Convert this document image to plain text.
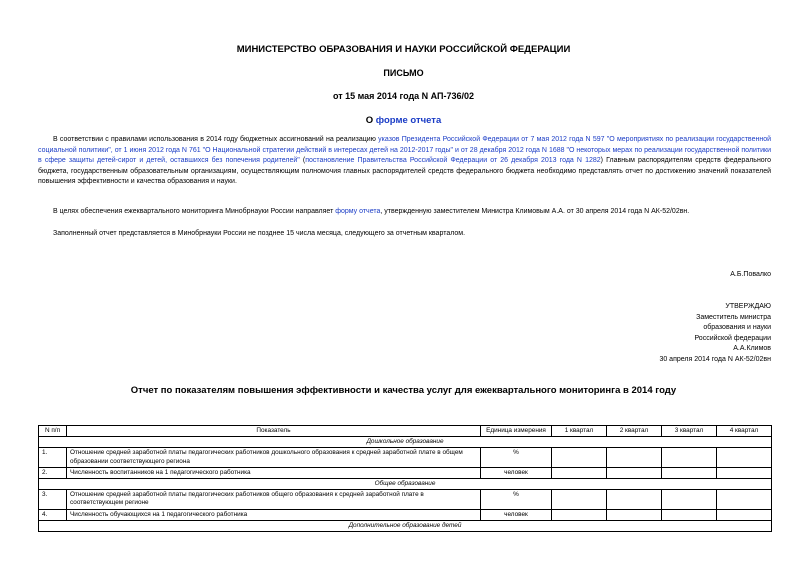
МИНИСТЕРСТВО ОБРАЗОВАНИЯ И НАУКИ РОССИЙСКОЙ ФЕДЕРАЦИИ
ПИСЬМО
от 15 мая 2014 года N АП-736/02
О форме отчета

В соответствии с правилами использования в 2014 году бюджетных ассигнований на реализацию указов Президента Российской Федерации от 7 мая 2012 года N 597 "О мероприятиях по реализации государственной социальной политики", от 1 июня 2012 года N 761 "О Национальной стратегии действий в интересах детей на 2012-2017 годы" и от 28 декабря 2012 года N 1688 "О некоторых мерах по реализации государственной политики в сфере защиты детей-сирот и детей, оставшихся без попечения родителей" (постановление Правительства Российской Федерации от 26 декабря 2013 года N 1282) Главным распорядителям средств федерального бюджета, государственным образовательным организациям, осуществляющим полномочия главных распорядителей средств федерального бюджета необходимо представлять отчет по достижению значений показателей повышения эффективности и качества образования и науки.

В целях обеспечения ежеквартального мониторинга Минобрнауки России направляет форму отчета, утвержденную заместителем Министра Климовым А.А. от 30 апреля 2014 года N АК-52/02вн.

Заполненный отчет представляется в Минобрнауки России не позднее 15 числа месяца, следующего за отчетным кварталом.

А.Б.Повалко
УТВЕРЖДАЮ
Заместитель министра
образования и науки
Российской федерации
А.А.Климов
30 апреля 2014 года N АК-52/02вн
Отчет по показателям повышения эффективности и качества услуг для ежеквартального мониторинга в 2014 году
N п/п	Показатель	Единица измерения	1 квартал	2 квартал	3 квартал	4 квартал
Дошкольное образование						
1.	Отношение средней заработной платы педагогических работников дошкольного образования к средней заработной плате в общем образовании соответствующего региона	%				
2.	Численность воспитанников на 1 педагогического работника	человек				
Общее образование						
3.	Отношение средней заработной платы педагогических работников общего образования к средней заработной плате в соответствующем регионе	%				
4.	Численность обучающихся на 1 педагогического работника	человек				
Дополнительное образование детей						
